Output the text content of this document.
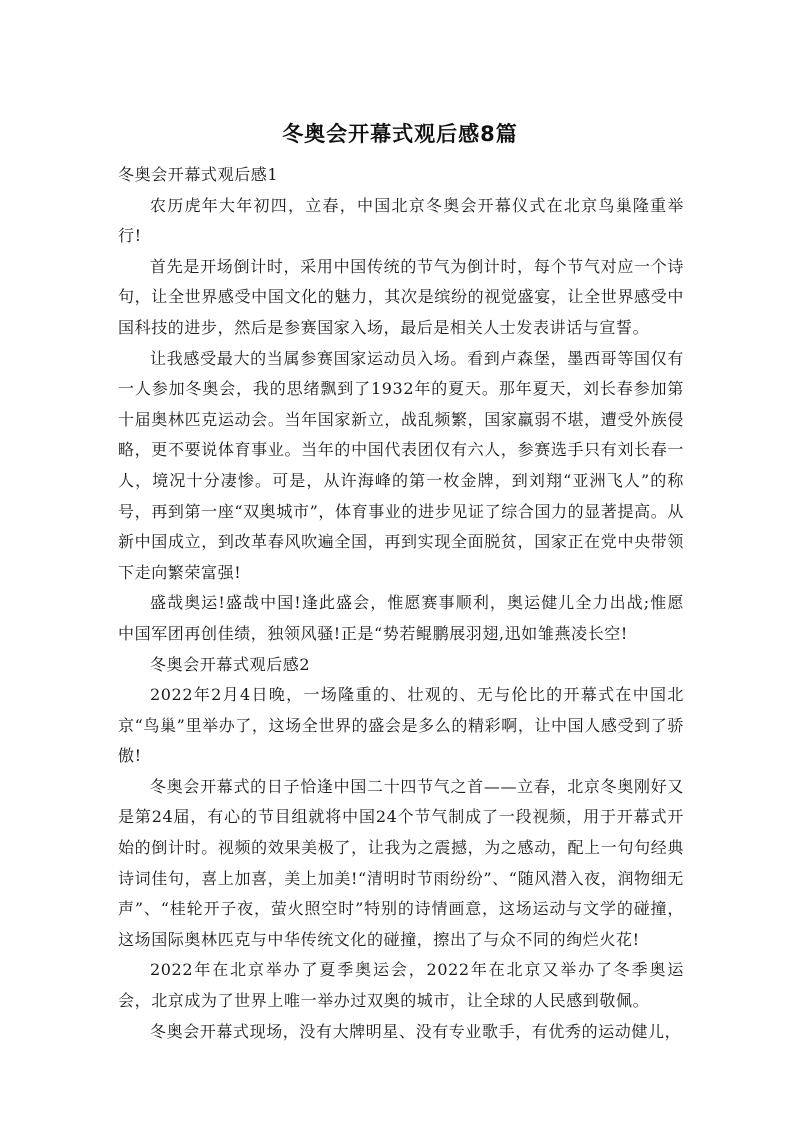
冬奥会开幕式观后感8篇

冬奥会开幕式观后感1

农历虎年大年初四，立春，中国北京冬奥会开幕仪式在北京鸟巢隆重举行!

首先是开场倒计时，采用中国传统的节气为倒计时，每个节气对应一个诗句，让全世界感受中国文化的魅力，其次是缤纷的视觉盛宴，让全世界感受中国科技的进步，然后是参赛国家入场，最后是相关人士发表讲话与宣誓。

让我感受最大的当属参赛国家运动员入场。看到卢森堡，墨西哥等国仅有一人参加冬奥会，我的思绪飘到了1932年的夏天。那年夏天，刘长春参加第十届奥林匹克运动会。当年国家新立，战乱频繁，国家羸弱不堪，遭受外族侵略，更不要说体育事业。当年的中国代表团仅有六人，参赛选手只有刘长春一人，境况十分凄惨。可是，从许海峰的第一枚金牌，到刘翔“亚洲飞人”的称号，再到第一座“双奥城市”，体育事业的进步见证了综合国力的显著提高。从新中国成立，到改革春风吹遍全国，再到实现全面脱贫，国家正在党中央带领下走向繁荣富强!

盛哉奥运!盛哉中国!逢此盛会，惟愿赛事顺利，奥运健儿全力出战;惟愿中国军团再创佳绩，独领风骚!正是“势若鲲鹏展羽翅,迅如雏燕凌长空!

冬奥会开幕式观后感2

2022年2月4日晚，一场隆重的、壮观的、无与伦比的开幕式在中国北京“鸟巢”里举办了，这场全世界的盛会是多么的精彩啊，让中国人感受到了骄傲!

冬奥会开幕式的日子恰逢中国二十四节气之首——立春，北京冬奥刚好又是第24届，有心的节目组就将中国24个节气制成了一段视频，用于开幕式开始的倒计时。视频的效果美极了，让我为之震撼，为之感动，配上一句句经典诗词佳句，喜上加喜，美上加美!“清明时节雨纷纷”、“随风潜入夜，润物细无声”、“桂轮开子夜，萤火照空时”特别的诗情画意，这场运动与文学的碰撞，这场国际奥林匹克与中华传统文化的碰撞，擦出了与众不同的绚烂火花!

2022年在北京举办了夏季奥运会，2022年在北京又举办了冬季奥运会，北京成为了世界上唯一举办过双奥的城市，让全球的人民感到敬佩。

冬奥会开幕式现场，没有大牌明星、没有专业歌手，有优秀的运动健儿，
